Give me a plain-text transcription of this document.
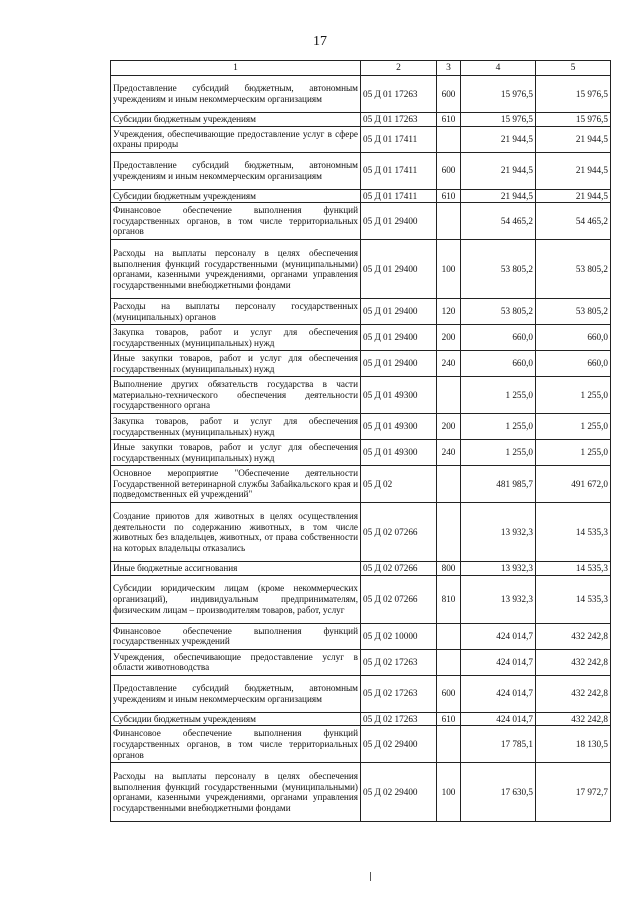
17
1	2	3	4	5
Предоставление субсидий бюджетным, автономным учреждениям и иным некоммерческим организациям	05 Д 01 17263	600	15 976,5	15 976,5
Субсидии бюджетным учреждениям	05 Д 01 17263	610	15 976,5	15 976,5
Учреждения, обеспечивающие предоставление услуг в сфере охраны природы	05 Д 01 17411		21 944,5	21 944,5
Предоставление субсидий бюджетным, автономным учреждениям и иным некоммерческим организациям	05 Д 01 17411	600	21 944,5	21 944,5
Субсидии бюджетным учреждениям	05 Д 01 17411	610	21 944,5	21 944,5
Финансовое обеспечение выполнения функций государственных органов, в том числе территориальных органов	05 Д 01 29400		54 465,2	54 465,2
Расходы на выплаты персоналу в целях обеспечения выполнения функций государственными (муниципальными) органами, казенными учреждениями, органами управления государственными внебюджетными фондами	05 Д 01 29400	100	53 805,2	53 805,2
Расходы на выплаты персоналу государственных (муниципальных) органов	05 Д 01 29400	120	53 805,2	53 805,2
Закупка товаров, работ и услуг для обеспечения государственных (муниципальных) нужд	05 Д 01 29400	200	660,0	660,0
Иные закупки товаров, работ и услуг для обеспечения государственных (муниципальных) нужд	05 Д 01 29400	240	660,0	660,0
Выполнение других обязательств государства в части материально-технического обеспечения деятельности государственного органа	05 Д 01 49300		1 255,0	1 255,0
Закупка товаров, работ и услуг для обеспечения государственных (муниципальных) нужд	05 Д 01 49300	200	1 255,0	1 255,0
Иные закупки товаров, работ и услуг для обеспечения государственных (муниципальных) нужд	05 Д 01 49300	240	1 255,0	1 255,0
Основное мероприятие "Обеспечение деятельности Государственной ветеринарной службы Забайкальского края и подведомственных ей учреждений"	05 Д 02		481 985,7	491 672,0
Создание приютов для животных в целях осуществления деятельности по содержанию животных, в том числе животных без владельцев, животных, от права собственности на которых владельцы отказались	05 Д 02 07266		13 932,3	14 535,3
Иные бюджетные ассигнования	05 Д 02 07266	800	13 932,3	14 535,3
Субсидии юридическим лицам (кроме некоммерческих организаций), индивидуальным предпринимателям, физическим лицам – производителям товаров, работ, услуг	05 Д 02 07266	810	13 932,3	14 535,3
Финансовое обеспечение выполнения функций государственных учреждений	05 Д 02 10000		424 014,7	432 242,8
Учреждения, обеспечивающие предоставление услуг в области животноводства	05 Д 02 17263		424 014,7	432 242,8
Предоставление субсидий бюджетным, автономным учреждениям и иным некоммерческим организациям	05 Д 02 17263	600	424 014,7	432 242,8
Субсидии бюджетным учреждениям	05 Д 02 17263	610	424 014,7	432 242,8
Финансовое обеспечение выполнения функций государственных органов, в том числе территориальных органов	05 Д 02 29400		17 785,1	18 130,5
Расходы на выплаты персоналу в целях обеспечения выполнения функций государственными (муниципальными) органами, казенными учреждениями, органами управления государственными внебюджетными фондами	05 Д 02 29400	100	17 630,5	17 972,7
